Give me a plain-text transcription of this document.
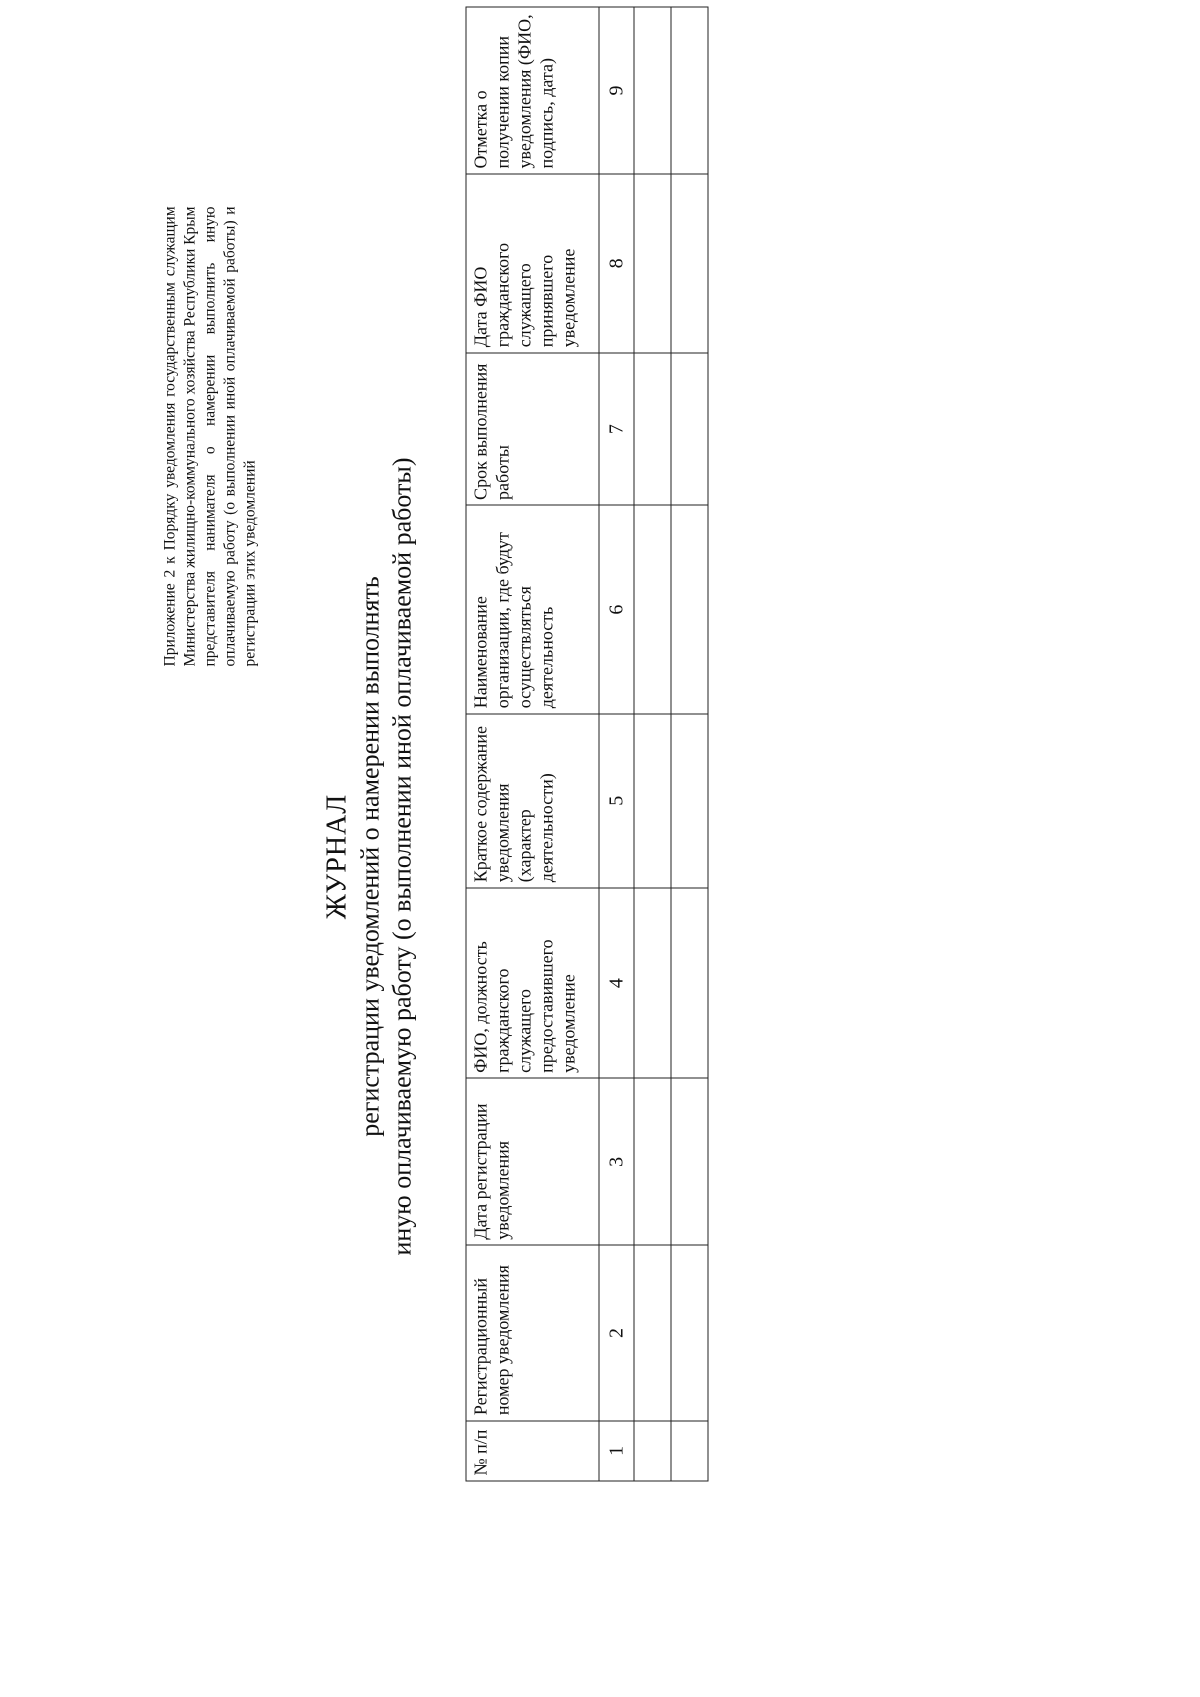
Приложение 2 к Порядку уведомления государственным служащим Министерства жилищно-коммунального хозяйства Республики Крым представителя нанимателя о намерении выполнить иную оплачиваемую работу (о выполнении иной оплачиваемой работы) и регистрации этих уведомлений
ЖУРНАЛ регистрации уведомлений о намерении выполнять иную оплачиваемую работу (о выполнении иной оплачиваемой работы)
№ п/п	Регистрационный номер уведомления	Дата регистрации уведомления	ФИО, должность гражданского служащего предоставившего уведомление	Краткое содержание уведомления (характер деятельности)	Наименование организации, где будут осуществляться деятельность	Срок выполнения работы	Дата ФИО гражданского служащего принявшего уведомление	Отметка о получении копии уведомления (ФИО, подпись, дата)
1	2	3	4	5	6	7	8	9
